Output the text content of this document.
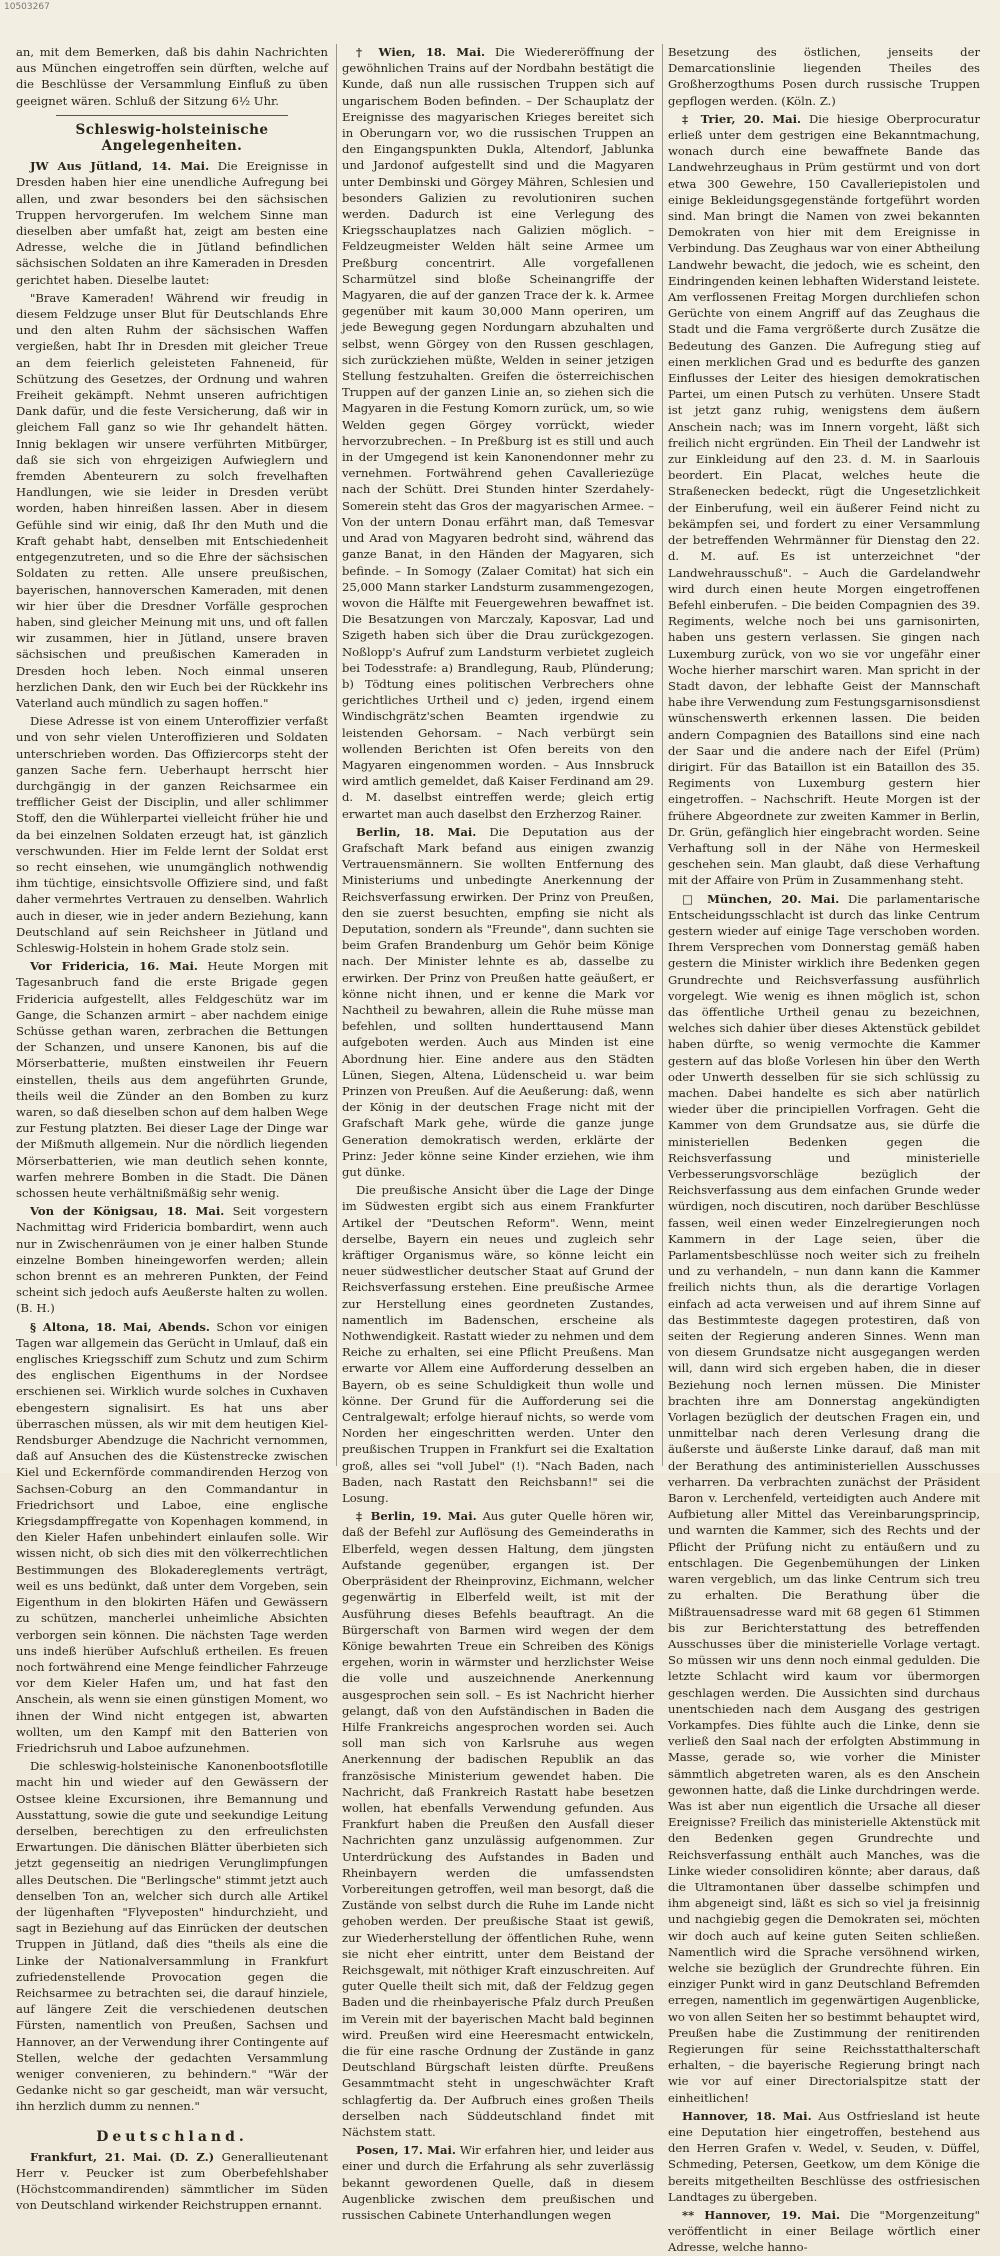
10503267

an, mit dem Bemerken, daß bis dahin Nachrichten aus München eingetroffen sein dürften, welche auf die Beschlüsse der Versammlung Einfluß zu üben geeignet wären. Schluß der Sitzung 6½ Uhr.

Schleswig-holsteinische Angelegenheiten.

JW Aus Jütland, 14. Mai. Die Ereignisse in Dresden haben hier eine unendliche Aufregung bei allen, und zwar besonders bei den sächsischen Truppen hervorgerufen. Im welchem Sinne man dieselben aber umfaßt hat, zeigt am besten eine Adresse, welche die in Jütland befindlichen sächsischen Soldaten an ihre Kameraden in Dresden gerichtet haben. Dieselbe lautet:

"Brave Kameraden! Während wir freudig in diesem Feldzuge unser Blut für Deutschlands Ehre und den alten Ruhm der sächsischen Waffen vergießen, habt Ihr in Dresden mit gleicher Treue an dem feierlich geleisteten Fahneneid, für Schützung des Gesetzes, der Ordnung und wahren Freiheit gekämpft. Nehmt unseren aufrichtigen Dank dafür, und die feste Versicherung, daß wir in gleichem Fall ganz so wie Ihr gehandelt hätten. Innig beklagen wir unsere verführten Mitbürger, daß sie sich von ehrgeizigen Aufwieglern und fremden Abenteurern zu solch frevelhaften Handlungen, wie sie leider in Dresden verübt worden, haben hinreißen lassen. Aber in diesem Gefühle sind wir einig, daß Ihr den Muth und die Kraft gehabt habt, denselben mit Entschiedenheit entgegenzutreten, und so die Ehre der sächsischen Soldaten zu retten. Alle unsere preußischen, bayerischen, hannoverschen Kameraden, mit denen wir hier über die Dresdner Vorfälle gesprochen haben, sind gleicher Meinung mit uns, und oft fallen wir zusammen, hier in Jütland, unsere braven sächsischen und preußischen Kameraden in Dresden hoch leben. Noch einmal unseren herzlichen Dank, den wir Euch bei der Rückkehr ins Vaterland auch mündlich zu sagen hoffen."

Diese Adresse ist von einem Unteroffizier verfaßt und von sehr vielen Unteroffizieren und Soldaten unterschrieben worden. Das Offiziercorps steht der ganzen Sache fern. Ueberhaupt herrscht hier durchgängig in der ganzen Reichsarmee ein trefflicher Geist der Disciplin, und aller schlimmer Stoff, den die Wühlerpartei vielleicht früher hie und da bei einzelnen Soldaten erzeugt hat, ist gänzlich verschwunden. Hier im Felde lernt der Soldat erst so recht einsehen, wie unumgänglich nothwendig ihm tüchtige, einsichtsvolle Offiziere sind, und faßt daher vermehrtes Vertrauen zu denselben. Wahrlich auch in dieser, wie in jeder andern Beziehung, kann Deutschland auf sein Reichsheer in Jütland und Schleswig-Holstein in hohem Grade stolz sein.

Vor Fridericia, 16. Mai. Heute Morgen mit Tagesanbruch fand die erste Brigade gegen Fridericia aufgestellt, alles Feldgeschütz war im Gange, die Schanzen armirt – aber nachdem einige Schüsse gethan waren, zerbrachen die Bettungen der Schanzen, und unsere Kanonen, bis auf die Mörserbatterie, mußten einstweilen ihr Feuern einstellen, theils aus dem angeführten Grunde, theils weil die Zünder an den Bomben zu kurz waren, so daß dieselben schon auf dem halben Wege zur Festung platzten. Bei dieser Lage der Dinge war der Mißmuth allgemein. Nur die nördlich liegenden Mörserbatterien, wie man deutlich sehen konnte, warfen mehrere Bomben in die Stadt. Die Dänen schossen heute verhältnißmäßig sehr wenig.

Von der Königsau, 18. Mai. Seit vorgestern Nachmittag wird Fridericia bombardirt, wenn auch nur in Zwischenräumen von je einer halben Stunde einzelne Bomben hineingeworfen werden; allein schon brennt es an mehreren Punkten, der Feind scheint sich jedoch aufs Aeußerste halten zu wollen. (B. H.)

§ Altona, 18. Mai, Abends. Schon vor einigen Tagen war allgemein das Gerücht in Umlauf, daß ein englisches Kriegsschiff zum Schutz und zum Schirm des englischen Eigenthums in der Nordsee erschienen sei. Wirklich wurde solches in Cuxhaven ebengestern signalisirt. Es hat uns aber überraschen müssen, als wir mit dem heutigen Kiel-Rendsburger Abendzuge die Nachricht vernommen, daß auf Ansuchen des die Küstenstrecke zwischen Kiel und Eckernförde commandirenden Herzog von Sachsen-Coburg an den Commandantur in Friedrichsort und Laboe, eine englische Kriegsdampffregatte von Kopenhagen kommend, in den Kieler Hafen unbehindert einlaufen solle. Wir wissen nicht, ob sich dies mit den völkerrechtlichen Bestimmungen des Blokadereglements verträgt, weil es uns bedünkt, daß unter dem Vorgeben, sein Eigenthum in den blokirten Häfen und Gewässern zu schützen, mancherlei unheimliche Absichten verborgen sein können. Die nächsten Tage werden uns indeß hierüber Aufschluß ertheilen. Es freuen noch fortwährend eine Menge feindlicher Fahrzeuge vor dem Kieler Hafen um, und hat fast den Anschein, als wenn sie einen günstigen Moment, wo ihnen der Wind nicht entgegen ist, abwarten wollten, um den Kampf mit den Batterien von Friedrichsruh und Laboe aufzunehmen.

Die schleswig-holsteinische Kanonenbootsflotille macht hin und wieder auf den Gewässern der Ostsee kleine Excursionen, ihre Bemannung und Ausstattung, sowie die gute und seekundige Leitung derselben, berechtigen zu den erfreulichsten Erwartungen. Die dänischen Blätter überbieten sich jetzt gegenseitig an niedrigen Verunglimpfungen alles Deutschen. Die "Berlingsche" stimmt jetzt auch denselben Ton an, welcher sich durch alle Artikel der lügenhaften "Flyveposten" hindurchzieht, und sagt in Beziehung auf das Einrücken der deutschen Truppen in Jütland, daß dies "theils als eine die Linke der Nationalversammlung in Frankfurt zufriedenstellende Provocation gegen die Reichsarmee zu betrachten sei, die darauf hinziele, auf längere Zeit die verschiedenen deutschen Fürsten, namentlich von Preußen, Sachsen und Hannover, an der Verwendung ihrer Contingente auf Stellen, welche der gedachten Versammlung weniger convenieren, zu behindern." "Wär der Gedanke nicht so gar gescheidt, man wär versucht, ihn herzlich dumm zu nennen."

Deutschland.

Frankfurt, 21. Mai. (D. Z.) Generallieutenant Herr v. Peucker ist zum Oberbefehlshaber (Höchstcommandirenden) sämmtlicher im Süden von Deutschland wirkender Reichstruppen ernannt.

† Wien, 18. Mai. Die Wiedereröffnung der gewöhnlichen Trains auf der Nordbahn bestätigt die Kunde, daß nun alle russischen Truppen sich auf ungarischem Boden befinden. – Der Schauplatz der Ereignisse des magyarischen Krieges bereitet sich in Oberungarn vor, wo die russischen Truppen an den Eingangspunkten Dukla, Altendorf, Jablunka und Jardonof aufgestellt sind und die Magyaren unter Dembinski und Görgey Mähren, Schlesien und besonders Galizien zu revolutioniren suchen werden. Dadurch ist eine Verlegung des Kriegsschauplatzes nach Galizien möglich. – Feldzeugmeister Welden hält seine Armee um Preßburg concentrirt. Alle vorgefallenen Scharmützel sind bloße Scheinangriffe der Magyaren, die auf der ganzen Trace der k. k. Armee gegenüber mit kaum 30,000 Mann operiren, um jede Bewegung gegen Nordungarn abzuhalten und selbst, wenn Görgey von den Russen geschlagen, sich zurückziehen müßte, Welden in seiner jetzigen Stellung festzuhalten. Greifen die österreichischen Truppen auf der ganzen Linie an, so ziehen sich die Magyaren in die Festung Komorn zurück, um, so wie Welden gegen Görgey vorrückt, wieder hervorzubrechen. – In Preßburg ist es still und auch in der Umgegend ist kein Kanonendonner mehr zu vernehmen. Fortwährend gehen Cavalleriezüge nach der Schütt. Drei Stunden hinter Szerdahely-Somerein steht das Gros der magyarischen Armee. – Von der untern Donau erfährt man, daß Temesvar und Arad von Magyaren bedroht sind, während das ganze Banat, in den Händen der Magyaren, sich befinde. – In Somogy (Zalaer Comitat) hat sich ein 25,000 Mann starker Landsturm zusammengezogen, wovon die Hälfte mit Feuergewehren bewaffnet ist. Die Besatzungen von Marczaly, Kaposvar, Lad und Szigeth haben sich über die Drau zurückgezogen. Noßlopp's Aufruf zum Landsturm verbietet zugleich bei Todesstrafe: a) Brandlegung, Raub, Plünderung; b) Tödtung eines politischen Verbrechers ohne gerichtliches Urtheil und c) jeden, irgend einem Windischgrätz'schen Beamten irgendwie zu leistenden Gehorsam. – Nach verbürgt sein wollenden Berichten ist Ofen bereits von den Magyaren eingenommen worden. – Aus Innsbruck wird amtlich gemeldet, daß Kaiser Ferdinand am 29. d. M. daselbst eintreffen werde; gleich ertig erwartet man auch daselbst den Erzherzog Rainer.

Berlin, 18. Mai. Die Deputation aus der Grafschaft Mark befand aus einigen zwanzig Vertrauensmännern. Sie wollten Entfernung des Ministeriums und unbedingte Anerkennung der Reichsverfassung erwirken. Der Prinz von Preußen, den sie zuerst besuchten, empfing sie nicht als Deputation, sondern als "Freunde", dann suchten sie beim Grafen Brandenburg um Gehör beim Könige nach. Der Minister lehnte es ab, dasselbe zu erwirken. Der Prinz von Preußen hatte geäußert, er könne nicht ihnen, und er kenne die Mark vor Nachtheil zu bewahren, allein die Ruhe müsse man befehlen, und sollten hunderttausend Mann aufgeboten werden. Auch aus Minden ist eine Abordnung hier. Eine andere aus den Städten Lünen, Siegen, Altena, Lüdenscheid u. war beim Prinzen von Preußen. Auf die Aeußerung: daß, wenn der König in der deutschen Frage nicht mit der Grafschaft Mark gehe, würde die ganze junge Generation demokratisch werden, erklärte der Prinz: Jeder könne seine Kinder erziehen, wie ihm gut dünke.

Die preußische Ansicht über die Lage der Dinge im Südwesten ergibt sich aus einem Frankfurter Artikel der "Deutschen Reform". Wenn, meint derselbe, Bayern ein neues und zugleich sehr kräftiger Organismus wäre, so könne leicht ein neuer südwestlicher deutscher Staat auf Grund der Reichsverfassung erstehen. Eine preußische Armee zur Herstellung eines geordneten Zustandes, namentlich im Badenschen, erscheine als Nothwendigkeit. Rastatt wieder zu nehmen und dem Reiche zu erhalten, sei eine Pflicht Preußens. Man erwarte vor Allem eine Aufforderung desselben an Bayern, ob es seine Schuldigkeit thun wolle und könne. Der Grund für die Aufforderung sei die Centralgewalt; erfolge hierauf nichts, so werde vom Norden her eingeschritten werden. Unter den preußischen Truppen in Frankfurt sei die Exaltation groß, alles sei "voll Jubel" (!). "Nach Baden, nach Baden, nach Rastatt den Reichsbann!" sei die Losung.

‡ Berlin, 19. Mai. Aus guter Quelle hören wir, daß der Befehl zur Auflösung des Gemeinderaths in Elberfeld, wegen dessen Haltung, dem jüngsten Aufstande gegenüber, ergangen ist. Der Oberpräsident der Rheinprovinz, Eichmann, welcher gegenwärtig in Elberfeld weilt, ist mit der Ausführung dieses Befehls beauftragt. An die Bürgerschaft von Barmen wird wegen der dem Könige bewahrten Treue ein Schreiben des Königs ergehen, worin in wärmster und herzlichster Weise die volle und auszeichnende Anerkennung ausgesprochen sein soll. – Es ist Nachricht hierher gelangt, daß von den Aufständischen in Baden die Hilfe Frankreichs angesprochen worden sei. Auch soll man sich von Karlsruhe aus wegen Anerkennung der badischen Republik an das französische Ministerium gewendet haben. Die Nachricht, daß Frankreich Rastatt habe besetzen wollen, hat ebenfalls Verwendung gefunden. Aus Frankfurt haben die Preußen den Ausfall dieser Nachrichten ganz unzulässig aufgenommen. Zur Unterdrückung des Aufstandes in Baden und Rheinbayern werden die umfassendsten Vorbereitungen getroffen, weil man besorgt, daß die Zustände von selbst durch die Ruhe im Lande nicht gehoben werden. Der preußische Staat ist gewiß, zur Wiederherstellung der öffentlichen Ruhe, wenn sie nicht eher eintritt, unter dem Beistand der Reichsgewalt, mit nöthiger Kraft einzuschreiten. Auf guter Quelle theilt sich mit, daß der Feldzug gegen Baden und die rheinbayerische Pfalz durch Preußen im Verein mit der bayerischen Macht bald beginnen wird. Preußen wird eine Heeresmacht entwickeln, die für eine rasche Ordnung der Zustände in ganz Deutschland Bürgschaft leisten dürfte. Preußens Gesammtmacht steht in ungeschwächter Kraft schlagfertig da. Der Aufbruch eines großen Theils derselben nach Süddeutschland findet mit Nächstem statt.

Posen, 17. Mai. Wir erfahren hier, und leider aus einer und durch die Erfahrung als sehr zuverlässig bekannt gewordenen Quelle, daß in diesem Augenblicke zwischen dem preußischen und russischen Cabinete Unterhandlungen wegen

Besetzung des östlichen, jenseits der Demarcationslinie liegenden Theiles des Großherzogthums Posen durch russische Truppen gepflogen werden. (Köln. Z.)

‡ Trier, 20. Mai. Die hiesige Oberprocuratur erließ unter dem gestrigen eine Bekanntmachung, wonach durch eine bewaffnete Bande das Landwehrzeughaus in Prüm gestürmt und von dort etwa 300 Gewehre, 150 Cavalleriepistolen und einige Bekleidungsgegenstände fortgeführt worden sind. Man bringt die Namen von zwei bekannten Demokraten von hier mit dem Ereignisse in Verbindung. Das Zeughaus war von einer Abtheilung Landwehr bewacht, die jedoch, wie es scheint, den Eindringenden keinen lebhaften Widerstand leistete. Am verflossenen Freitag Morgen durchliefen schon Gerüchte von einem Angriff auf das Zeughaus die Stadt und die Fama vergrößerte durch Zusätze die Bedeutung des Ganzen. Die Aufregung stieg auf einen merklichen Grad und es bedurfte des ganzen Einflusses der Leiter des hiesigen demokratischen Partei, um einen Putsch zu verhüten. Unsere Stadt ist jetzt ganz ruhig, wenigstens dem äußern Anschein nach; was im Innern vorgeht, läßt sich freilich nicht ergründen. Ein Theil der Landwehr ist zur Einkleidung auf den 23. d. M. in Saarlouis beordert. Ein Placat, welches heute die Straßenecken bedeckt, rügt die Ungesetzlichkeit der Einberufung, weil ein äußerer Feind nicht zu bekämpfen sei, und fordert zu einer Versammlung der betreffenden Wehrmänner für Dienstag den 22. d. M. auf. Es ist unterzeichnet "der Landwehrausschuß". – Auch die Gardelandwehr wird durch einen heute Morgen eingetroffenen Befehl einberufen. – Die beiden Compagnien des 39. Regiments, welche noch bei uns garnisonirten, haben uns gestern verlassen. Sie gingen nach Luxemburg zurück, von wo sie vor ungefähr einer Woche hierher marschirt waren. Man spricht in der Stadt davon, der lebhafte Geist der Mannschaft habe ihre Verwendung zum Festungsgarnisonsdienst wünschenswerth erkennen lassen. Die beiden andern Compagnien des Bataillons sind eine nach der Saar und die andere nach der Eifel (Prüm) dirigirt. Für das Bataillon ist ein Bataillon des 35. Regiments von Luxemburg gestern hier eingetroffen. – Nachschrift. Heute Morgen ist der frühere Abgeordnete zur zweiten Kammer in Berlin, Dr. Grün, gefänglich hier eingebracht worden. Seine Verhaftung soll in der Nähe von Hermeskeil geschehen sein. Man glaubt, daß diese Verhaftung mit der Affaire von Prüm in Zusammenhang steht.

□ München, 20. Mai. Die parlamentarische Entscheidungsschlacht ist durch das linke Centrum gestern wieder auf einige Tage verschoben worden. Ihrem Versprechen vom Donnerstag gemäß haben gestern die Minister wirklich ihre Bedenken gegen Grundrechte und Reichsverfassung ausführlich vorgelegt. Wie wenig es ihnen möglich ist, schon das öffentliche Urtheil genau zu bezeichnen, welches sich dahier über dieses Aktenstück gebildet haben dürfte, so wenig vermochte die Kammer gestern auf das bloße Vorlesen hin über den Werth oder Unwerth desselben für sie sich schlüssig zu machen. Dabei handelte es sich aber natürlich wieder über die principiellen Vorfragen. Geht die Kammer von dem Grundsatze aus, sie dürfe die ministeriellen Bedenken gegen die Reichsverfassung und ministerielle Verbesserungsvorschläge bezüglich der Reichsverfassung aus dem einfachen Grunde weder würdigen, noch discutiren, noch darüber Beschlüsse fassen, weil einen weder Einzelregierungen noch Kammern in der Lage seien, über die Parlamentsbeschlüsse noch weiter sich zu freiheln und zu verhandeln, – nun dann kann die Kammer freilich nichts thun, als die derartige Vorlagen einfach ad acta verweisen und auf ihrem Sinne auf das Bestimmteste dagegen protestiren, daß von seiten der Regierung anderen Sinnes. Wenn man von diesem Grundsatze nicht ausgegangen werden will, dann wird sich ergeben haben, die in dieser Beziehung noch lernen müssen. Die Minister brachten ihre am Donnerstag angekündigten Vorlagen bezüglich der deutschen Fragen ein, und unmittelbar nach deren Verlesung drang die äußerste und äußerste Linke darauf, daß man mit der Berathung des antiministeriellen Ausschusses verharren. Da verbrachten zunächst der Präsident Baron v. Lerchenfeld, verteidigten auch Andere mit Aufbietung aller Mittel das Vereinbarungsprincip, und warnten die Kammer, sich des Rechts und der Pflicht der Prüfung nicht zu entäußern und zu entschlagen. Die Gegenbemühungen der Linken waren vergeblich, um das linke Centrum sich treu zu erhalten. Die Berathung über die Mißtrauensadresse ward mit 68 gegen 61 Stimmen bis zur Berichterstattung des betreffenden Ausschusses über die ministerielle Vorlage vertagt. So müssen wir uns denn noch einmal gedulden. Die letzte Schlacht wird kaum vor übermorgen geschlagen werden. Die Aussichten sind durchaus unentschieden nach dem Ausgang des gestrigen Vorkampfes. Dies fühlte auch die Linke, denn sie verließ den Saal nach der erfolgten Abstimmung in Masse, gerade so, wie vorher die Minister sämmtlich abgetreten waren, als es den Anschein gewonnen hatte, daß die Linke durchdringen werde. Was ist aber nun eigentlich die Ursache all dieser Ereignisse? Freilich das ministerielle Aktenstück mit den Bedenken gegen Grundrechte und Reichsverfassung enthält auch Manches, was die Linke wieder consolidiren könnte; aber daraus, daß die Ultramontanen über dasselbe schimpfen und ihm abgeneigt sind, läßt es sich so viel ja freisinnig und nachgiebig gegen die Demokraten sei, möchten wir doch auch auf keine guten Seiten schließen. Namentlich wird die Sprache versöhnend wirken, welche sie bezüglich der Grundrechte führen. Ein einziger Punkt wird in ganz Deutschland Befremden erregen, namentlich im gegenwärtigen Augenblicke, wo von allen Seiten her so bestimmt behauptet wird, Preußen habe die Zustimmung der renitirenden Regierungen für seine Reichsstatthalterschaft erhalten, – die bayerische Regierung bringt nach wie vor auf einer Directorialspitze statt der einheitlichen!

Hannover, 18. Mai. Aus Ostfriesland ist heute eine Deputation hier eingetroffen, bestehend aus den Herren Grafen v. Wedel, v. Seuden, v. Düffel, Schmeding, Petersen, Geetkow, um dem Könige die bereits mitgetheilten Beschlüsse des ostfriesischen Landtages zu übergeben.

** Hannover, 19. Mai. Die "Morgenzeitung" veröffentlicht in einer Beilage wörtlich einer Adresse, welche hanno-
